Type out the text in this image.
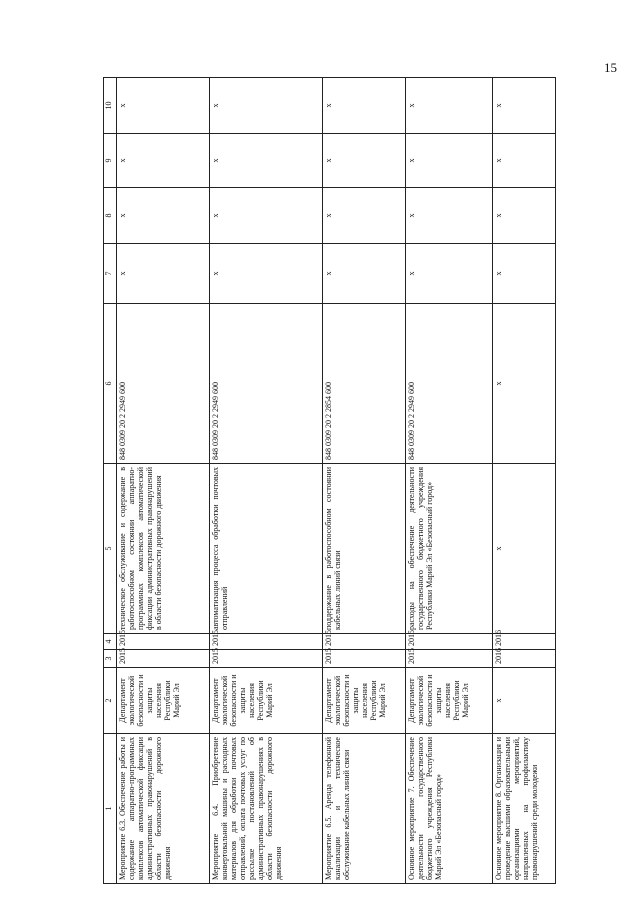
15
1	2	3	4	5	6	7	8	9	10
Мероприятие 6.3. Обеспечение работы и содержание аппаратно-программных комплексов автоматической фиксации административных правонарушений в области безопасности дорожного движения	Департамент экологической безопасности и защиты населения Республики Марий Эл	2015	2015	техническое обслуживание и содержание в работоспособном состоянии аппаратно-программных комплексов автоматической фиксации административных правонарушений в области безопасности дорожного движения	848 0309 20 2 2949 600	x	x	x	x
Мероприятие 6.4. Приобретение конвертовальной машины и расходных материалов для обработки почтовых отправлений, оплата почтовых услуг по рассылке постановлений об административных правонарушениях в области безопасности дорожного движения	Департамент экологической безопасности и защиты населения Республики Марий Эл	2015	2015	автоматизация процесса обработки почтовых отправлений	848 0309 20 2 2949 600	x	x	x	x
Мероприятие 6.5. Аренда телефонной канализации и техническое обслуживание кабельных линий связи	Департамент экологической безопасности и защиты населения Республики Марий Эл	2015	2015	поддержание в работоспособном состоянии кабельных линий связи	848 0309 20 2 2854 600	x	x	x	x
Основное мероприятие 7. Обеспечение деятельности государственного бюджетного учреждения Республики Марий Эл «Безопасный город»	Департамент экологической безопасности и защиты населения Республики Марий Эл	2015	2015	расходы на обеспечение деятельности государственного бюджетного учреждения Республики Марий Эл «Безопасный город»	848 0309 20 2 2949 600	x	x	x	x
Основное мероприятие 8. Организация и проведение высшими образовательными организациями мероприятий, направленных на профилактику правонарушений среди молодежи	x	2016	2016	x	x	x	x	x	x
